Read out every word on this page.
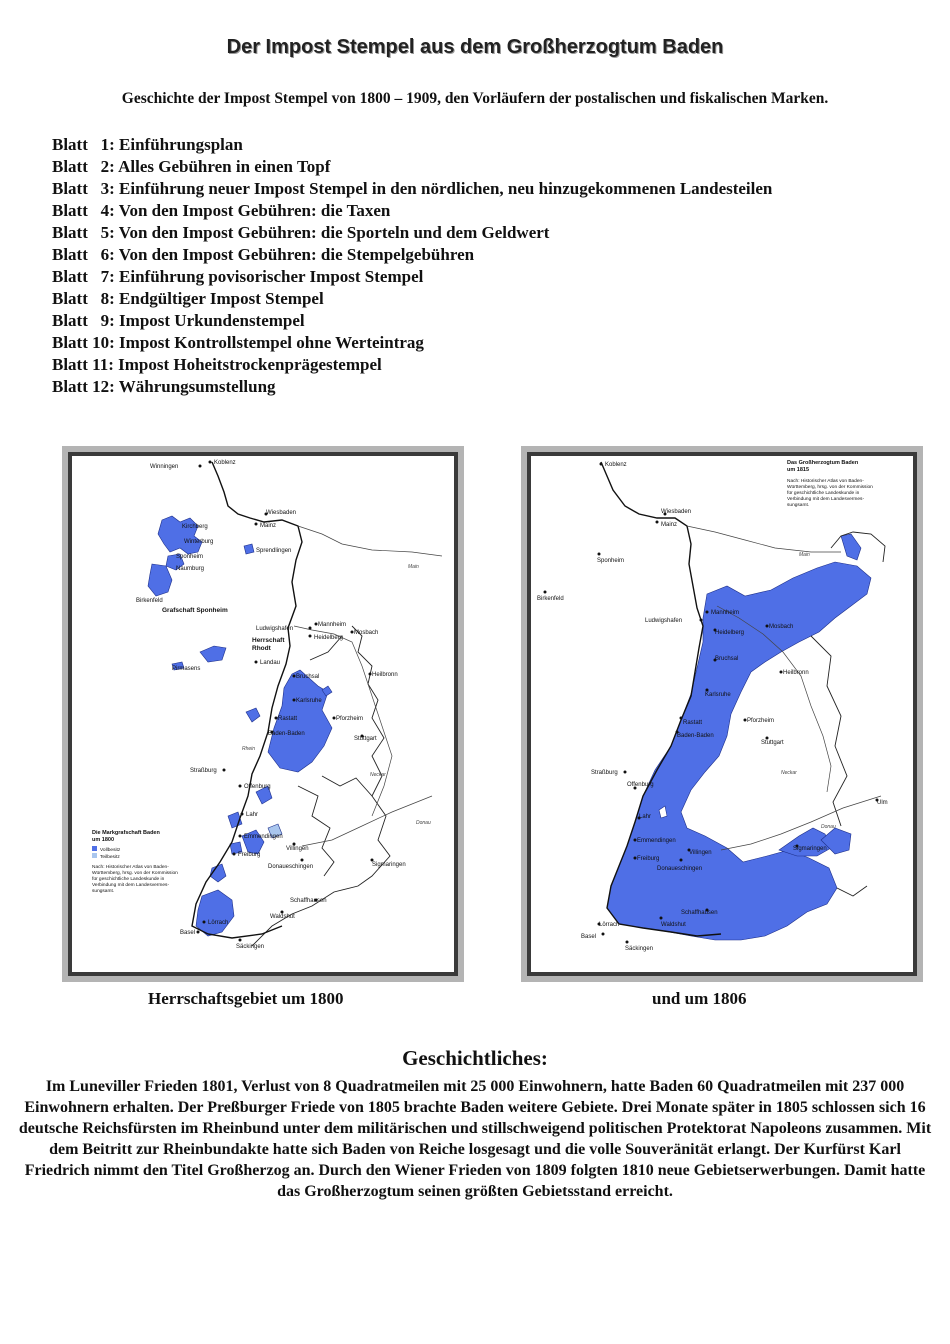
Der Impost Stempel aus dem Großherzogtum Baden
Geschichte der Impost Stempel von 1800 – 1909, den Vorläufern der postalischen und fiskalischen Marken.
Blatt   1: Einführungsplan
Blatt   2: Alles Gebühren in einen Topf
Blatt   3: Einführung neuer Impost Stempel in den nördlichen, neu hinzugekommenen Landesteilen
Blatt   4: Von den Impost Gebühren: die Taxen
Blatt   5: Von den Impost Gebühren: die Sporteln und dem Geldwert
Blatt   6: Von den Impost Gebühren: die Stempelgebühren
Blatt   7: Einführung povisorischer Impost Stempel
Blatt   8: Endgültiger Impost Stempel
Blatt   9: Impost Urkundenstempel
Blatt 10: Impost Kontrollstempel ohne Werteintrag
Blatt 11: Impost Hoheitstrockenprägestempel
Blatt 12: Währungsumstellung
Winningen
Koblenz
Kirchberg
Winterburg
Sponheim
Naumburg
Birkenfeld
Wiesbaden
Mainz
Sprendlingen
Grafschaft Sponheim
Ludwigshafen
Mannheim
Heidelberg
Mosbach
Herrschaft
Rhodt
Landau
Pirmasens
Bruchsal	Heilbronn
Karlsruhe
Pforzheim
Rastatt
Baden-Baden
Stuttgart
Straßburg
Offenburg
Lahr
Emmendingen
Villingen
Freiburg
Donaueschingen	Sigmaringen
Schaffhausen
Waldshut
Lörrach
Basel
Säckingen
Main
Neckar
Donau
Rhein
Die Markgrafschaft Baden
um 1800
Vollbesitz
Teilbesitz
Nach: Historischer Atlas von Baden-
Württemberg, hrsg. von der Kommission
für geschichtliche Landeskunde in
Verbindung mit dem Landesvermes-
sungsamt.
Koblenz
Wiesbaden
Mainz
Sponheim
Birkenfeld
Mannheim
Ludwigshafen
Heidelberg
Mosbach
Bruchsal
Heilbronn
Karlsruhe
Pforzheim
Rastatt
Baden-Baden
Stuttgart
Straßburg
Offenburg
Lahr
Ulm
Emmendingen
Villingen
Sigmaringen
Freiburg
Donaueschingen
Schaffhausen
Waldshut
Lörrach
Basel
Säckingen
Main
Neckar
Donau
Das Großherzogtum Baden
um 1815
Nach: Historischer Atlas von Baden-
Württemberg, hrsg. von der Kommission
für geschichtliche Landeskunde in
Verbindung mit dem Landesvermes-
sungsamt.
Herrschaftsgebiet um 1800	und um 1806
Geschichtliches:

Im Luneviller Frieden 1801, Verlust von 8 Quadratmeilen mit 25 000 Einwohnern, hatte Baden 60 Quadratmeilen mit 237 000 Einwohnern erhalten. Der Preßburger Friede von 1805 brachte Baden weitere Gebiete. Drei Monate später in 1805 schlossen sich 16 deutsche Reichsfürsten im Rheinbund unter dem militärischen und stillschweigend politischen Protektorat Napoleons zusammen. Mit dem Beitritt zur Rheinbundakte hatte sich Baden von Reiche losgesagt und die volle Souveränität erlangt. Der Kurfürst Karl Friedrich nimmt den Titel Großherzog an. Durch den Wiener Frieden von 1809 folgten 1810 neue Gebietserwerbungen. Damit hatte das Großherzogtum seinen größten Gebietsstand erreicht.
